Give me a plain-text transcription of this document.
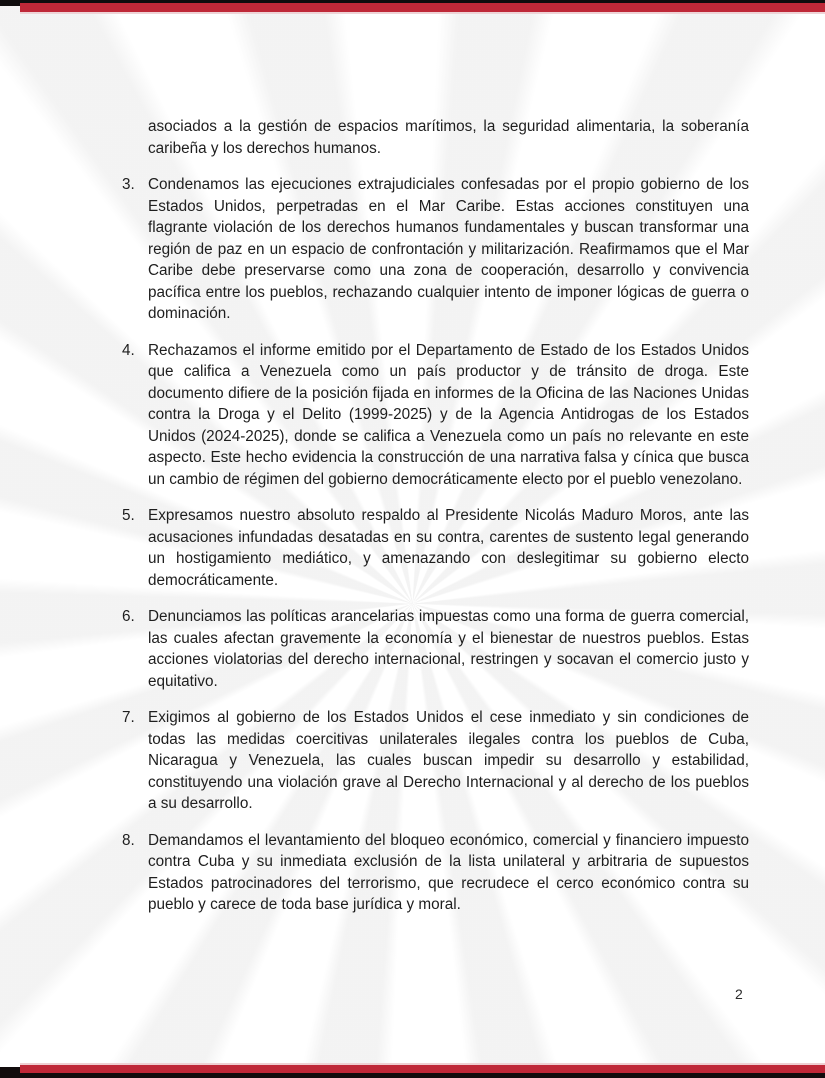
asociados a la gestión de espacios marítimos, la seguridad alimentaria, la soberanía caribeña y los derechos humanos.

3. Condenamos las ejecuciones extrajudiciales confesadas por el propio gobierno de los Estados Unidos, perpetradas en el Mar Caribe. Estas acciones constituyen una flagrante violación de los derechos humanos fundamentales y buscan transformar una región de paz en un espacio de confrontación y militarización. Reafirmamos que el Mar Caribe debe preservarse como una zona de cooperación, desarrollo y convivencia pacífica entre los pueblos, rechazando cualquier intento de imponer lógicas de guerra o dominación.
4. Rechazamos el informe emitido por el Departamento de Estado de los Estados Unidos que califica a Venezuela como un país productor y de tránsito de droga. Este documento difiere de la posición fijada en informes de la Oficina de las Naciones Unidas contra la Droga y el Delito (1999-2025) y de la Agencia Antidrogas de los Estados Unidos (2024-2025), donde se califica a Venezuela como un país no relevante en este aspecto. Este hecho evidencia la construcción de una narrativa falsa y cínica que busca un cambio de régimen del gobierno democráticamente electo por el pueblo venezolano.
5. Expresamos nuestro absoluto respaldo al Presidente Nicolás Maduro Moros, ante las acusaciones infundadas desatadas en su contra, carentes de sustento legal generando un hostigamiento mediático, y amenazando con deslegitimar su gobierno electo democráticamente.
6. Denunciamos las políticas arancelarias impuestas como una forma de guerra comercial, las cuales afectan gravemente la economía y el bienestar de nuestros pueblos. Estas acciones violatorias del derecho internacional, restringen y socavan el comercio justo y equitativo.
7. Exigimos al gobierno de los Estados Unidos el cese inmediato y sin condiciones de todas las medidas coercitivas unilaterales ilegales contra los pueblos de Cuba, Nicaragua y Venezuela, las cuales buscan impedir su desarrollo y estabilidad, constituyendo una violación grave al Derecho Internacional y al derecho de los pueblos a su desarrollo.
8. Demandamos el levantamiento del bloqueo económico, comercial y financiero impuesto contra Cuba y su inmediata exclusión de la lista unilateral y arbitraria de supuestos Estados patrocinadores del terrorismo, que recrudece el cerco económico contra su pueblo y carece de toda base jurídica y moral.
2
